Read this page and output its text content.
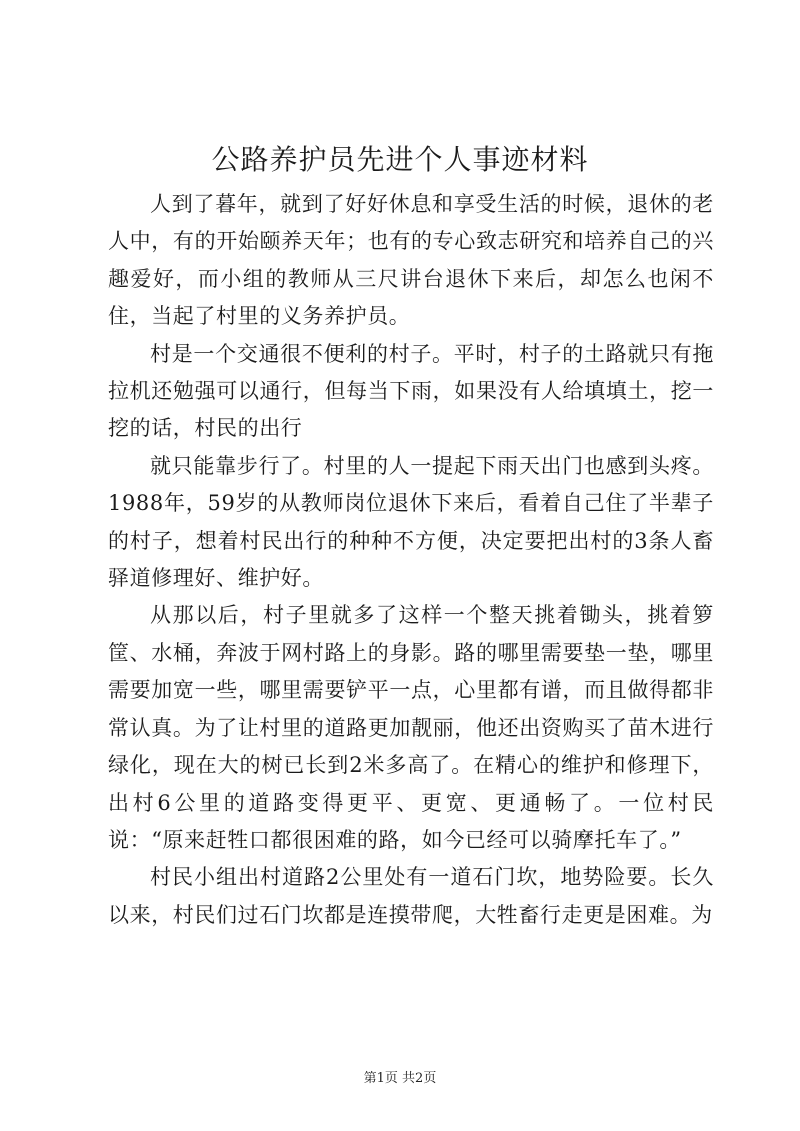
公路养护员先进个人事迹材料

人到了暮年，就到了好好休息和享受生活的时候，退休的老人中，有的开始颐养天年；也有的专心致志研究和培养自己的兴趣爱好，而小组的教师从三尺讲台退休下来后，却怎么也闲不住，当起了村里的义务养护员。

村是一个交通很不便利的村子。平时，村子的土路就只有拖拉机还勉强可以通行，但每当下雨，如果没有人给填填土，挖一挖的话，村民的出行

就只能靠步行了。村里的人一提起下雨天出门也感到头疼。1988年，59岁的从教师岗位退休下来后，看着自己住了半辈子的村子，想着村民出行的种种不方便，决定要把出村的3条人畜驿道修理好、维护好。

从那以后，村子里就多了这样一个整天挑着锄头，挑着箩筐、水桶，奔波于网村路上的身影。路的哪里需要垫一垫，哪里需要加宽一些，哪里需要铲平一点，心里都有谱，而且做得都非常认真。为了让村里的道路更加靓丽，他还出资购买了苗木进行绿化，现在大的树已长到2米多高了。在精心的维护和修理下，出村6公里的道路变得更平、更宽、更通畅了。一位村民说：“原来赶牲口都很困难的路，如今已经可以骑摩托车了。”

村民小组出村道路2公里处有一道石门坎，地势险要。长久以来，村民们过石门坎都是连摸带爬，大牲畜行走更是困难。为

第1页 共2页
